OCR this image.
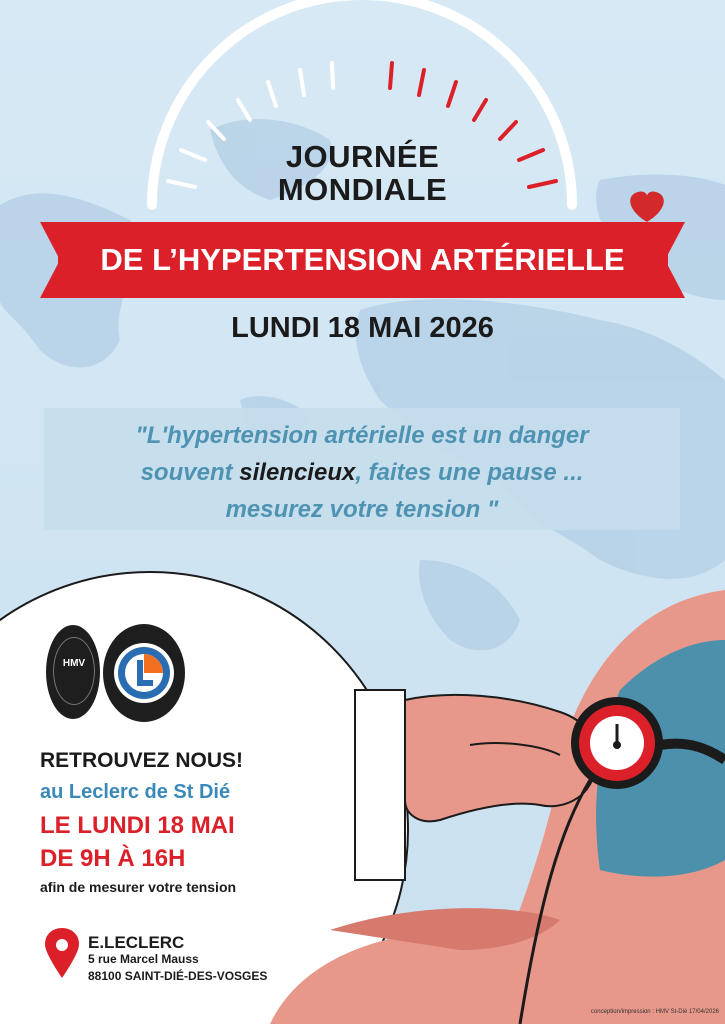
JOURNÉE
MONDIALE
DE L’HYPERTENSION ARTÉRIELLE
LUNDI 18 MAI 2026

"L'hypertension artérielle est un danger

souvent silencieux, faites une pause ...

mesurez votre tension "

HMV
RETROUVEZ NOUS!
au Leclerc de St Dié
LE LUNDI 18 MAI
DE 9H À 16H
afin de mesurer votre tension
E.LECLERC
5 rue Marcel Mauss
88100 SAINT-DIÉ-DES-VOSGES
conception/impression : HMV St-Dié 17/04/2026
